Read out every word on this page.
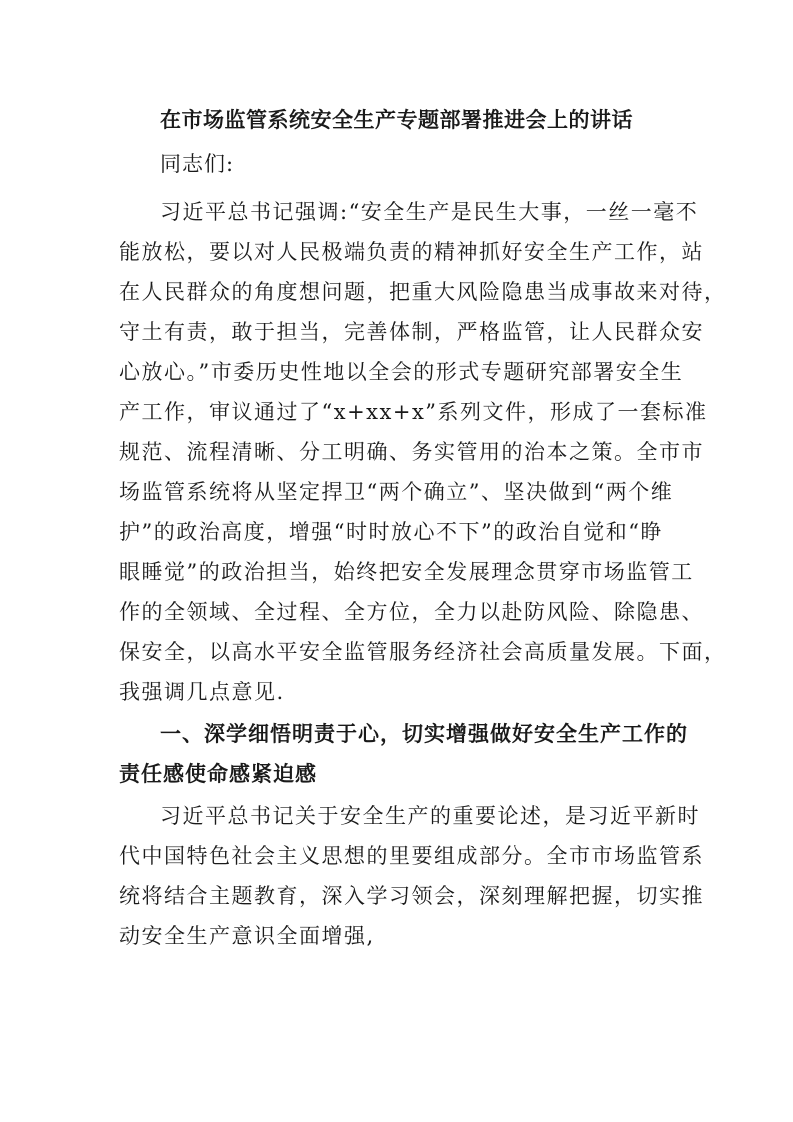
在市场监管系统安全生产专题部署推进会上的讲话
同志们:
习近平总书记强调:“安全生产是民生大事，一丝一毫不
能放松，要以对人民极端负责的精神抓好安全生产工作，站
在人民群众的角度想问题，把重大风险隐患当成事故来对待，
守土有责，敢于担当，完善体制，严格监管，让人民群众安
心放心。”市委历史性地以全会的形式专题研究部署安全生
产工作，审议通过了“x+xx+x”系列文件，形成了一套标准
规范、流程清晰、分工明确、务实管用的治本之策。全市市
场监管系统将从坚定捍卫“两个确立”、坚决做到“两个维
护”的政治高度，增强“时时放心不下”的政治自觉和“睁
眼睡觉”的政治担当，始终把安全发展理念贯穿市场监管工
作的全领域、全过程、全方位，全力以赴防风险、除隐患、
保安全，以高水平安全监管服务经济社会高质量发展。下面，
我强调几点意见.
一、深学细悟明责于心，切实增强做好安全生产工作的
责任感使命感紧迫感
习近平总书记关于安全生产的重要论述，是习近平新时
代中国特色社会主义思想的里要组成部分。全市市场监管系
统将结合主题教育，深入学习领会，深刻理解把握，切实推
动安全生产意识全面增强,
